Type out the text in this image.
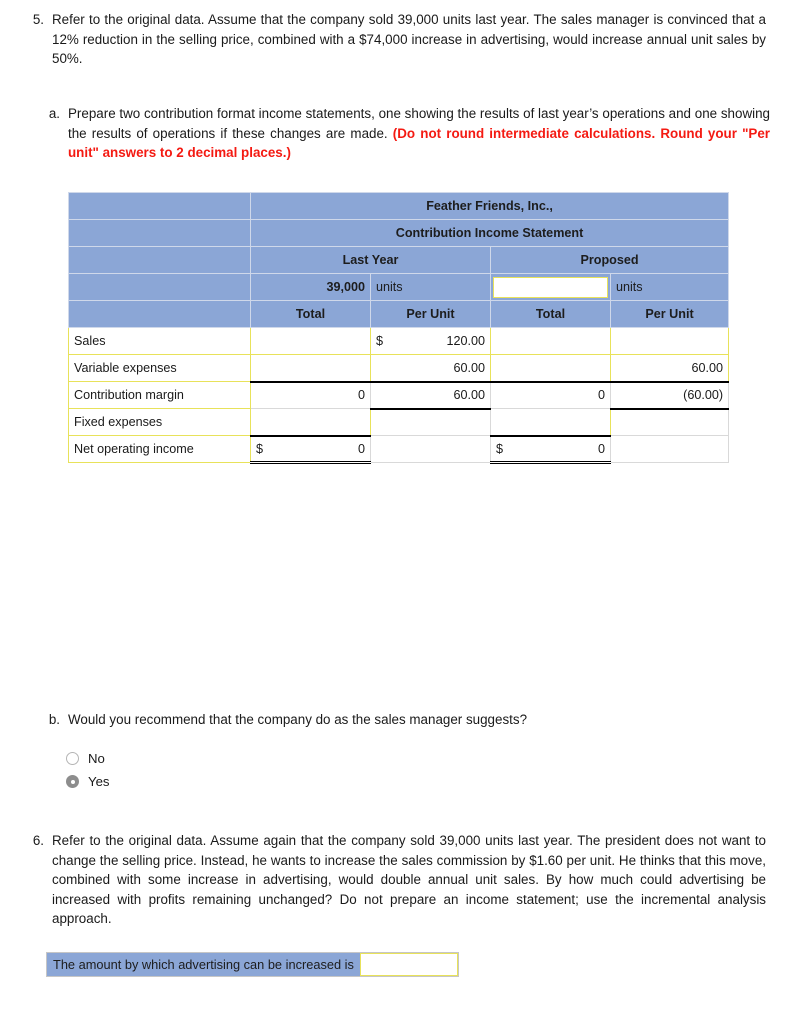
5. Refer to the original data. Assume that the company sold 39,000 units last year. The sales manager is convinced that a 12% reduction in the selling price, combined with a $74,000 increase in advertising, would increase annual unit sales by 50%.
a. Prepare two contribution format income statements, one showing the results of last year’s operations and one showing the results of operations if these changes are made. (Do not round intermediate calculations. Round your "Per unit" answers to 2 decimal places.)
	Feather Friends, Inc.,			
	Contribution Income Statement			
	Last Year		Proposed	
	39,000	units		units
	Total	Per Unit	Total	Per Unit
Sales		$ 120.00		

Variable expenses		60.00		60.00
Contribution margin	0	60.00	0	(60.00)
Fixed expenses				
Net operating income	$ 0		$ 0	

b. Would you recommend that the company do as the sales manager suggests?
No
Yes
6. Refer to the original data. Assume again that the company sold 39,000 units last year. The president does not want to change the selling price. Instead, he wants to increase the sales commission by $1.60 per unit. He thinks that this move, combined with some increase in advertising, would double annual unit sales. By how much could advertising be increased with profits remaining unchanged? Do not prepare an income statement; use the incremental analysis approach.
The amount by which advertising can be increased is
